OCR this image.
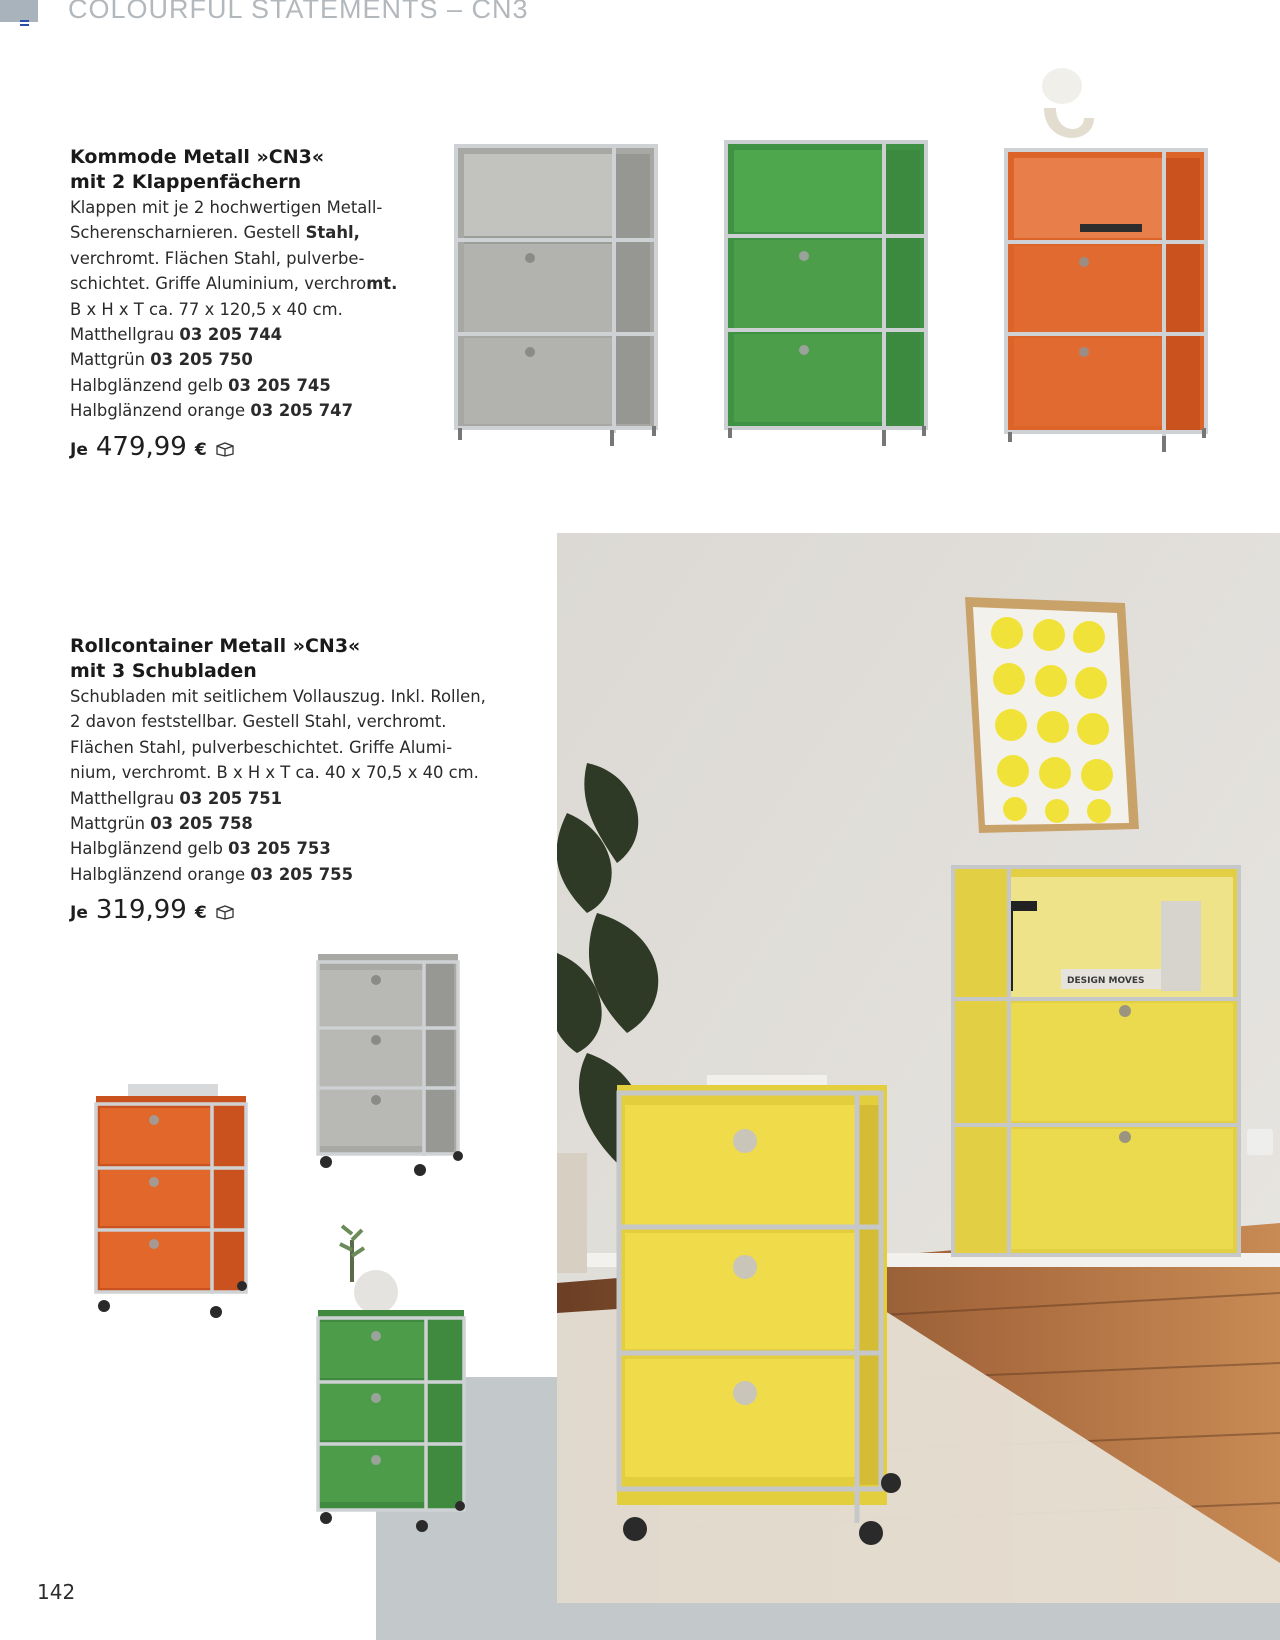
COLOURFUL STATEMENTS – CN3
Kommode Metall »CN3«
mit 2 Klappenfächern

Klappen mit je 2 hochwertigen Metall-Scherenscharnieren. Gestell Stahl, verchromt. Flächen Stahl, pulverbe-schichtet. Griffe Aluminium, verchromt.

B x H x T ca. 77 x 120,5 x 40 cm.
Matthellgrau 03 205 744
Mattgrün 03 205 750
Halbglänzend gelb 03 205 745
Halbglänzend orange 03 205 747
Je 479,99 €
Rollcontainer Metall »CN3«
mit 3 Schubladen

Schubladen mit seitlichem Vollauszug. Inkl. Rollen, 2 davon feststellbar. Gestell Stahl, verchromt. Flächen Stahl, pulverbeschichtet. Griffe Alumi-nium, verchromt. B x H x T ca. 40 x 70,5 x 40 cm.

Matthellgrau 03 205 751
Mattgrün 03 205 758
Halbglänzend gelb 03 205 753
Halbglänzend orange 03 205 755
Je 319,99 €
DESIGN MOVES
142
